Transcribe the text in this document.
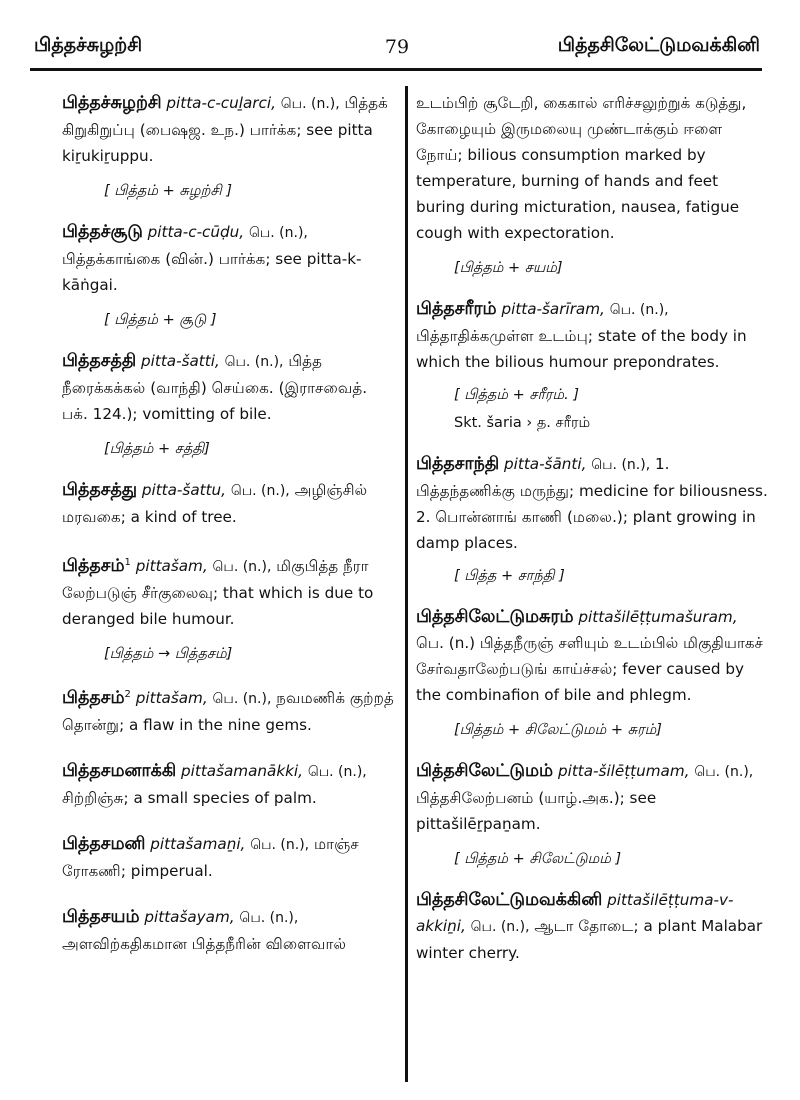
பித்தச்சுழற்சி	79	பித்தசிலேட்டுமவக்கினி
பித்தச்சுழற்சி pitta-c-cuḻarci, பெ. (n.), பித்தக் கிறுகிறுப்பு (பைஷஜ. உந.) பார்க்க; see pitta kiṟukiṟuppu.
[ பித்தம் + சுழற்சி ]
பித்தச்சூடு pitta-c-cūḍu, பெ. (n.), பித்தக்காங்கை (வின்.) பார்க்க; see pitta-k-kāṅgai.
[ பித்தம் + சூடு ]
பித்தசத்தி pitta-šatti, பெ. (n.), பித்த நீரைக்கக்கல் (வாந்தி) செய்கை. (இராசவைத். பக். 124.); vomitting of bile.
[பித்தம் + சத்தி]
பித்தசத்து pitta-šattu, பெ. (n.), அழிஞ்சில் மரவகை; a kind of tree.
பித்தசம்$^1$ pittašam, பெ. (n.), மிகுபித்த நீரா லேற்படுஞ் சீர்குலைவு; that which is due to deranged bile humour.
[பித்தம் → பித்தசம்]
பித்தசம்$^2$ pittašam, பெ. (n.), நவமணிக் குற்றத் தொன்று; a flaw in the nine gems.
பித்தசமனாக்கி pittašamanākki, பெ. (n.), சிற்றிஞ்சு; a small species of palm.
பித்தசமனி pittašamaṉi, பெ. (n.), மாஞ்ச ரோகணி; pimperual.
பித்தசயம் pittašayam, பெ. (n.), அளவிற்கதிகமான பித்தநீரின் விளைவால்
உடம்பிற் சூடேறி, கைகால் எரிச்சலுற்றுக் கடுத்து, கோழையும் இருமலையு முண்டாக்கும் ஈளை நோய்; bilious consumption marked by temperature, burning of hands and feet buring during micturation, nausea, fatigue cough with expectoration.
[பித்தம் + சயம்]
பித்தசரீரம் pitta-šarīram, பெ. (n.), பித்தாதிக்கமுள்ள உடம்பு; state of the body in which the bilious humour prepondrates.
[ பித்தம் + சரீரம். ]
Skt. šaria › த. சரீரம்
பித்தசாந்தி pitta-šānti, பெ. (n.), 1. பித்தந்தணிக்கு மருந்து; medicine for biliousness. 2. பொன்னாங் காணி (மலை.); plant growing in damp places.
[ பித்த + சாந்தி ]
பித்தசிலேட்டுமசுரம் pittašilēṭṭumašuram, பெ. (n.) பித்தநீருஞ் சளியும் உடம்பில் மிகுதியாகச் சேர்வதாலேற்படுங் காய்ச்சல்; fever caused by the combinafion of bile and phlegm.
[பித்தம் + சிலேட்டுமம் + சுரம்]
பித்தசிலேட்டுமம் pitta-šilēṭṭumam, பெ. (n.), பித்தசிலேற்பனம் (யாழ்.அக.); see pittašilēṟpaṉam.
[ பித்தம் + சிலேட்டுமம் ]
பித்தசிலேட்டுமவக்கினி pittašilēṭṭuma-v-akkiṉi, பெ. (n.), ஆடா தோடை; a plant Malabar winter cherry.
